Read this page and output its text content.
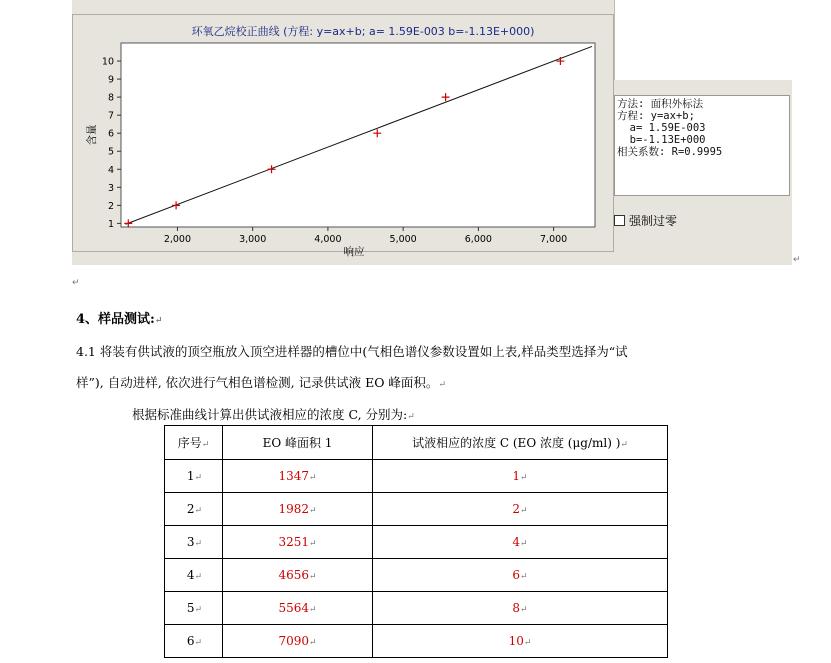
环氧乙烷校正曲线 (方程: y=ax+b; a= 1.59E-003 b=-1.13E+000)
1
2
3
4
5
6
7
8
9
10
2,000	3,000	4,000	5,000	6,000	7,000
响应
含量
方法: 面积外标法
方程: y=ax+b;
a= 1.59E-003
b=-1.13E+000
相关系数: R=0.9995
强制过零
↵
↵
4、样品测试:↵
4.1 将装有供试液的顶空瓶放入顶空进样器的槽位中(气相色谱仪参数设置如上表,样品类型选择为“试
样”), 自动进样, 依次进行气相色谱检测, 记录供试液 EO 峰面积。↵
根据标准曲线计算出供试液相应的浓度 C, 分别为:↵
序号↵	EO 峰面积 1	试液相应的浓度 C (EO 浓度 (μg/ml) )↵
1↵	1347↵	1↵
2↵	1982↵	2↵
3↵	3251↵	4↵
4↵	4656↵	6↵
5↵	5564↵	8↵
6↵	7090↵	10↵
